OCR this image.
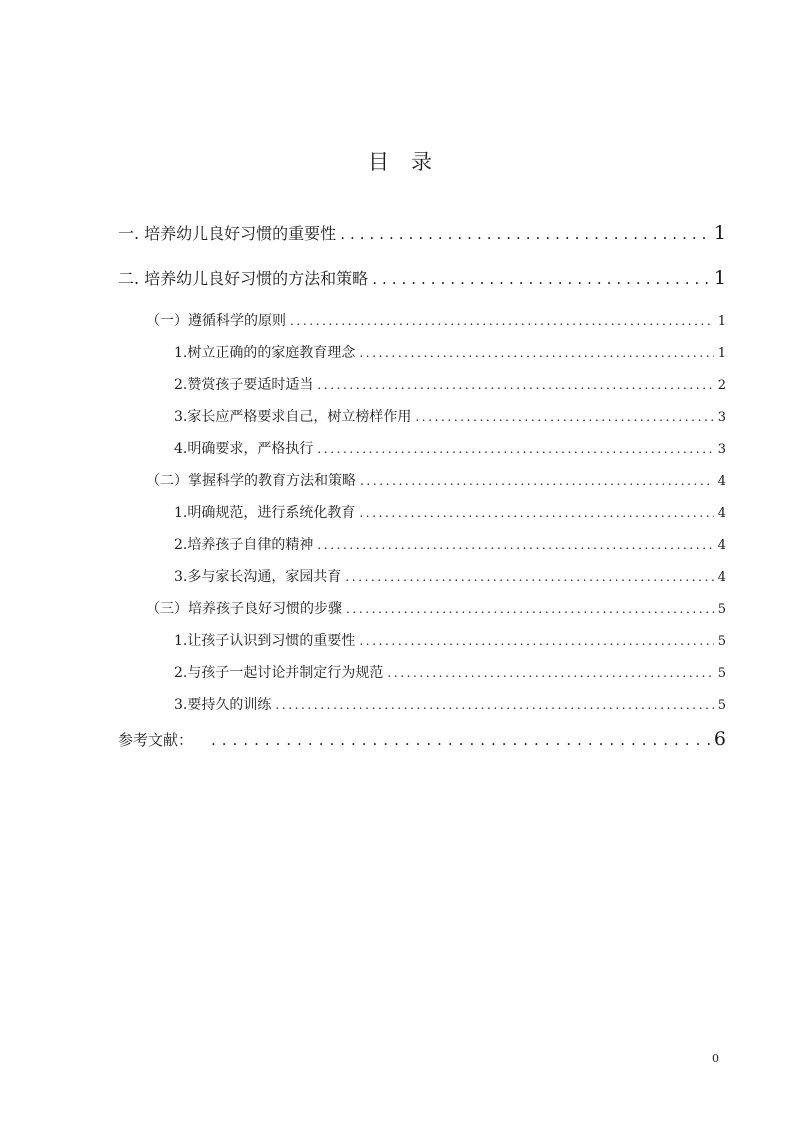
目录
一. 培养幼儿良好习惯的重要性 .....	1
二. 培养幼儿良好习惯的方法和策略 .....	1
（一）遵循科学的原则 .....	1
1.树立正确的的家庭教育理念 .....	1
2.赞赏孩子要适时适当 .....	2
3.家长应严格要求自己，树立榜样作用 .....	3
4.明确要求，严格执行 .....	3
（二）掌握科学的教育方法和策略 .....	4
1.明确规范，进行系统化教育 .....	4
2.培养孩子自律的精神 .....	4
3.多与家长沟通，家园共育 .....	4
（三）培养孩子良好习惯的步骤 .....	5
1.让孩子认识到习惯的重要性 .....	5
2.与孩子一起讨论并制定行为规范 .....	5
3.要持久的训练 .....	5
参考文献： .....	6
0
